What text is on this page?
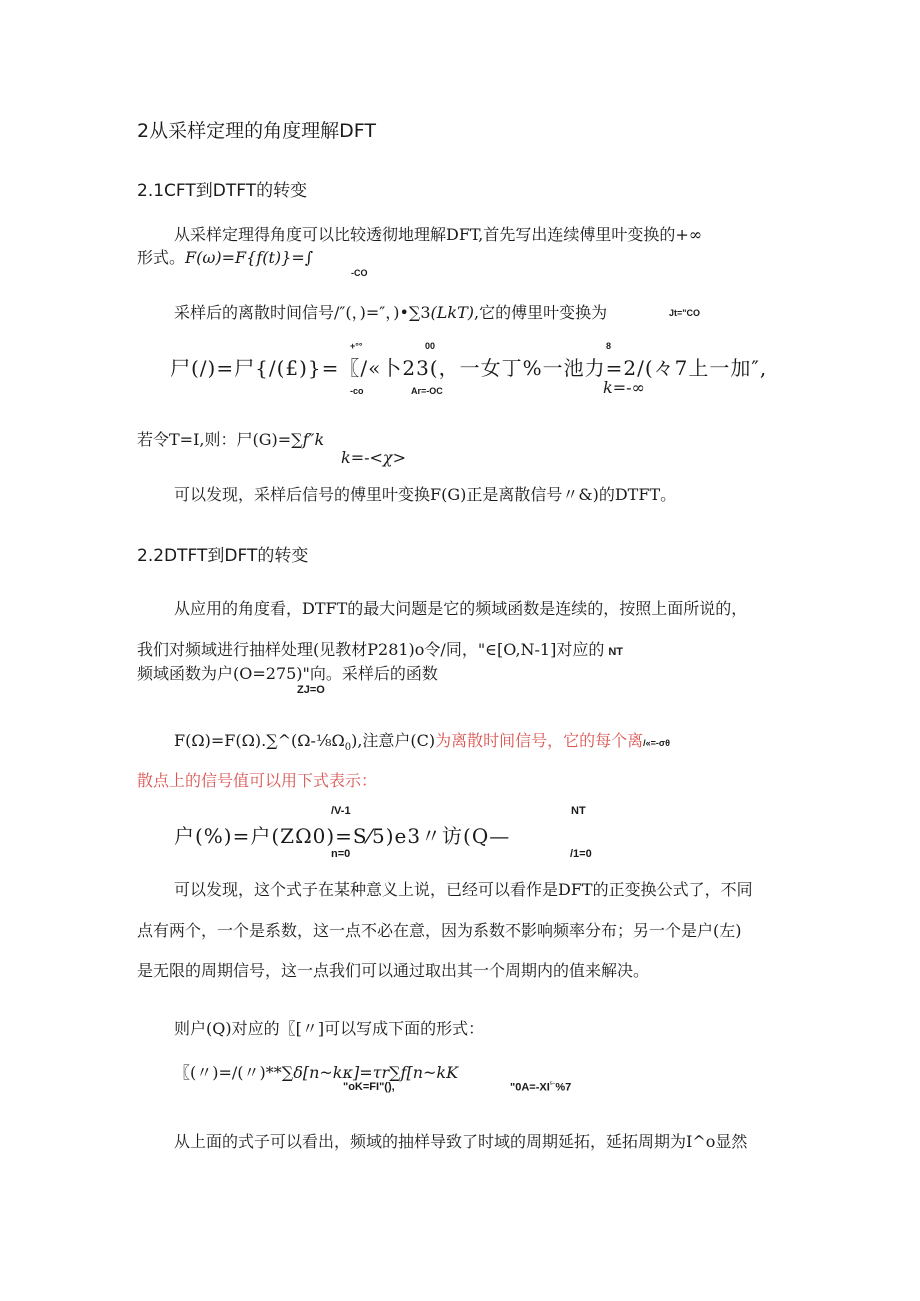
2从采样定理的角度理解DFT
2.1CFT到DTFT的转变
从采样定理得角度可以比较透彻地理解DFT,首先写出连续傅里叶变换的+∞
形式。F(ω)=F{f(t)}=∫
-CO
采样后的离散时间信号/″(，)=″，)•∑3(LkT),它的傅里叶变换为	Jt="CO
+°°	00	8
尸(/)=尸{/(£)}=〖/«卜23(，一女丁%一池力=2/(々7上一加″,
-co	Ar=-OC	k=-∞
若令T=I,则：尸(G)=∑f″k
k=-<χ>
可以发现，采样后信号的傅里叶变换F(G)正是离散信号〃&)的DTFT。
2.2DTFT到DFT的转变
从应用的角度看，DTFT的最大问题是它的频域函数是连续的，按照上面所说的，
我们对频域进行抽样处理(见教材P281)o令/同，"∈[O,N-1]对应的 NT
频域函数为户(O=275)"向。采样后的函数
ZJ=O
$F(\Omega)=F(\Omega).\sum\^{}(\Omega-\frac{1}{8}\Omega_0)$,注意户(C)为离散时间信号，它的每个离/«=-σθ
散点上的信号值可以用下式表示：
/V-1	NT
户(%)=户(ZΩ0)=S⁄5)e3〃访(Q—
n=0	/1=0
可以发现，这个式子在某种意义上说，已经可以看作是DFT的正变换公式了，不同
点有两个，一个是系数，这一点不必在意，因为系数不影响频率分布；另一个是户(左)
是无限的周期信号，这一点我们可以通过取出其一个周期内的值来解决。
则户(Q)对应的〖[〃]可以写成下面的形式：
〖(〃)=/(〃)**∑δ[n~kκ]=τr∑f[n~kK
"oK=FI"(),	"$0A=-XI^{^5\cdot}\%7$
从上面的式子可以看出，频域的抽样导致了时域的周期延拓，延拓周期为I^o显然
